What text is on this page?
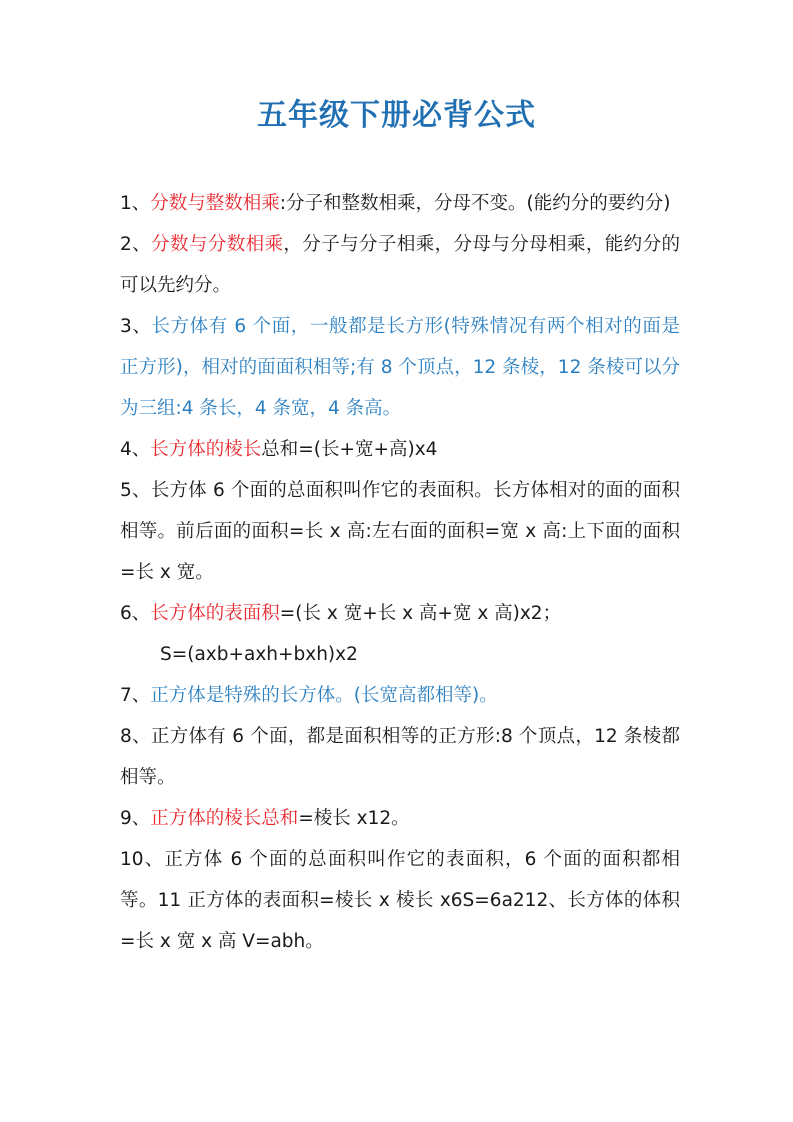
五年级下册必背公式

1、分数与整数相乘:分子和整数相乘，分母不变。(能约分的要约分)

2、分数与分数相乘，分子与分子相乘，分母与分母相乘，能约分的可以先约分。

3、长方体有 6 个面，一般都是长方形(特殊情况有两个相对的面是正方形)，相对的面面积相等;有 8 个顶点，12 条棱，12 条棱可以分为三组:4 条长，4 条宽，4 条高。

4、长方体的棱长总和=(长+宽+高)x4

5、长方体 6 个面的总面积叫作它的表面积。长方体相对的面的面积相等。前后面的面积=长 x 高:左右面的面积=宽 x 高:上下面的面积=长 x 宽。

6、长方体的表面积=(长 x 宽+长 x 高+宽 x 高)x2；

S=(axb+axh+bxh)x2

7、正方体是特殊的长方体。(长宽高都相等)。

8、正方体有 6 个面，都是面积相等的正方形:8 个顶点，12 条棱都相等。

9、正方体的棱长总和=棱长 x12。

10、正方体 6 个面的总面积叫作它的表面积，6 个面的面积都相等。11 正方体的表面积=棱长 x 棱长 x6S=6a212、长方体的体积=长 x 宽 x 高 V=abh。
